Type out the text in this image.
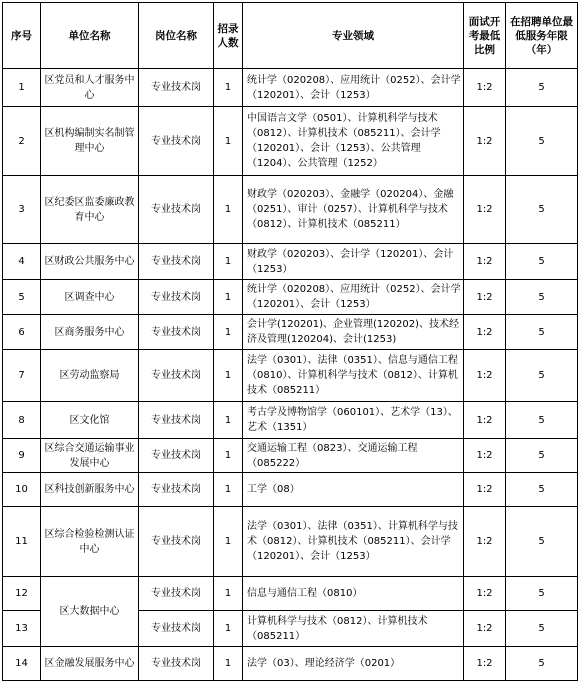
序号	单位名称	岗位名称	招录人数	专业领域	面试开考最低比例	在招聘单位最低服务年限（年）
1	区党员和人才服务中心	专业技术岗	1	统计学（020208）、应用统计（0252）、会计学（120201）、会计（1253）	1:2	5
2	区机构编制实名制管理中心	专业技术岗	1	中国语言文学（0501）、计算机科学与技术（0812）、计算机技术（085211）、会计学（120201）、会计（1253）、公共管理（1204）、公共管理（1252）	1:2	5
3	区纪委区监委廉政教育中心	专业技术岗	1	财政学（020203）、金融学（020204）、金融（0251）、审计（0257）、计算机科学与技术（0812）、计算机技术（085211）	1:2	5
4	区财政公共服务中心	专业技术岗	1	财政学（020203）、会计学（120201）、会计（1253）	1:2	5
5	区调查中心	专业技术岗	1	统计学（020208）、应用统计（0252）、会计学（120201）、会计（1253）	1:2	5
6	区商务服务中心	专业技术岗	1	会计学(120201)、企业管理(120202)、技术经济及管理(120204)、会计(1253)	1:2	5
7	区劳动监察局	专业技术岗	1	法学（0301）、法律（0351）、信息与通信工程（0810）、计算机科学与技术（0812）、计算机技术（085211）	1:2	5
8	区文化馆	专业技术岗	1	考古学及博物馆学（060101）、艺术学（13）、艺术（1351）	1:2	5
9	区综合交通运输事业发展中心	专业技术岗	1	交通运输工程（0823）、交通运输工程（085222）	1:2	5
10	区科技创新服务中心	专业技术岗	1	工学（08）	1:2	5
11	区综合检验检测认证中心	专业技术岗	1	法学（0301）、法律（0351）、计算机科学与技术（0812）、计算机技术（085211）、会计学（120201）、会计（1253）	1:2	5
12	区大数据中心	专业技术岗	1	信息与通信工程（0810）	1:2	5
13		专业技术岗	1	计算机科学与技术（0812）、计算机技术（085211）	1:2	5
14	区金融发展服务中心	专业技术岗	1	法学（03）、理论经济学（0201）	1:2	5
